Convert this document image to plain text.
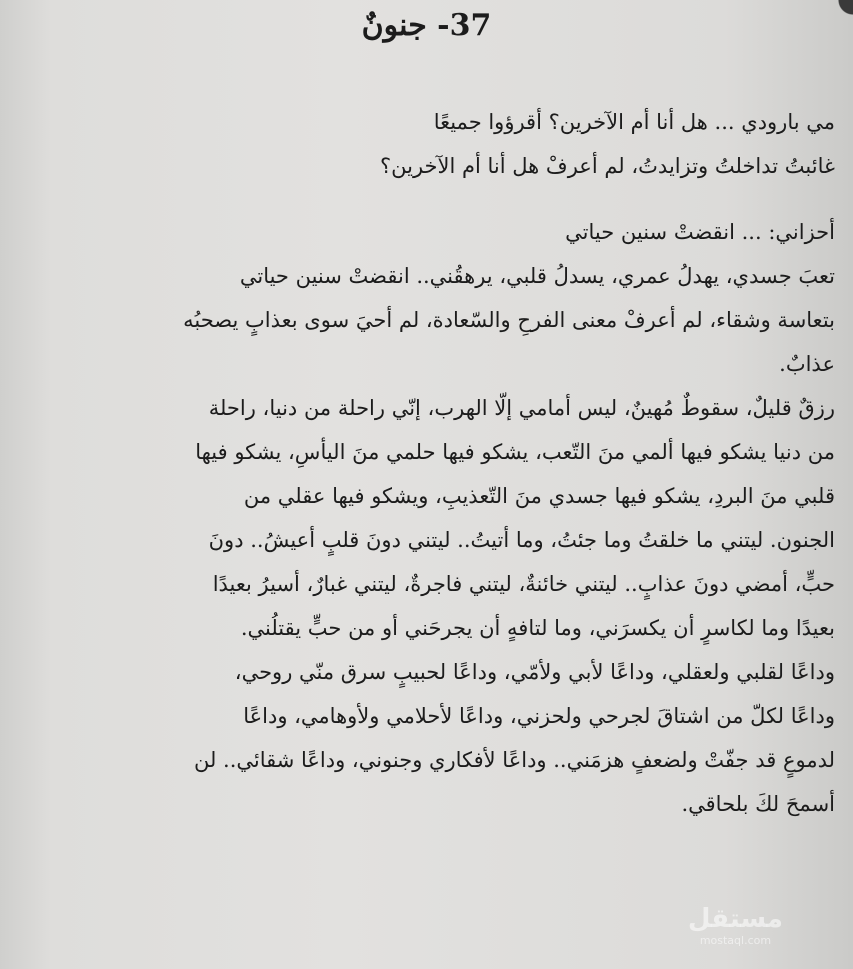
37- جنونٌ
مي بارودي ... هل أنا أم الآخرين؟ أقرؤوا جميعًا
غائبتُ تداخلتُ وتزايدتُ، لم أعرفْ هل أنا أم الآخرين؟
أحزاني: ... انقضتْ سنين حياتي
تعبَ جسدي، يهدلُ عمري، يسدلُ قلبي، يرهقُني.. انقضتْ سنين حياتي
بتعاسة وشقاء، لم أعرفْ معنى الفرحِ والسّعادة، لم أحيَ سوى بعذابٍ يصحبُه
عذابٌ.
رزقٌ قليلٌ، سقوطٌ مُهينٌ، ليس أمامي إلّا الهرب، إنّي راحلة من دنيا، راحلة
من دنيا يشكو فيها ألمي منَ التّعب، يشكو فيها حلمي منَ اليأسِ، يشكو فيها
قلبي منَ البردِ، يشكو فيها جسدي منَ التّعذيبِ، ويشكو فيها عقلي من
الجنون. ليتني ما خلقتُ وما جئتُ، وما أتيتُ.. ليتني دونَ قلبٍ أعيشُ.. دونَ
حبٍّ، أمضي دونَ عذابٍ.. ليتني خائنةٌ، ليتني فاجرةٌ، ليتني غبارٌ، أسيرُ بعيدًا
بعيدًا وما لكاسرٍ أن يكسرَني، وما لتافهٍ أن يجرحَني أو من حبٍّ يقتلُني.
وداعًا لقلبي ولعقلي، وداعًا لأبي ولأمّي، وداعًا لحبيبٍ سرق منّي روحي،
وداعًا لكلّ من اشتاقَ لجرحي ولحزني، وداعًا لأحلامي ولأوهامي، وداعًا
لدموعٍ قد جفّتْ ولضعفٍ هزمَني.. وداعًا لأفكاري وجنوني، وداعًا شقائي.. لن
أسمحَ لكَ بلحاقي.
مستقل
mostaql.com
